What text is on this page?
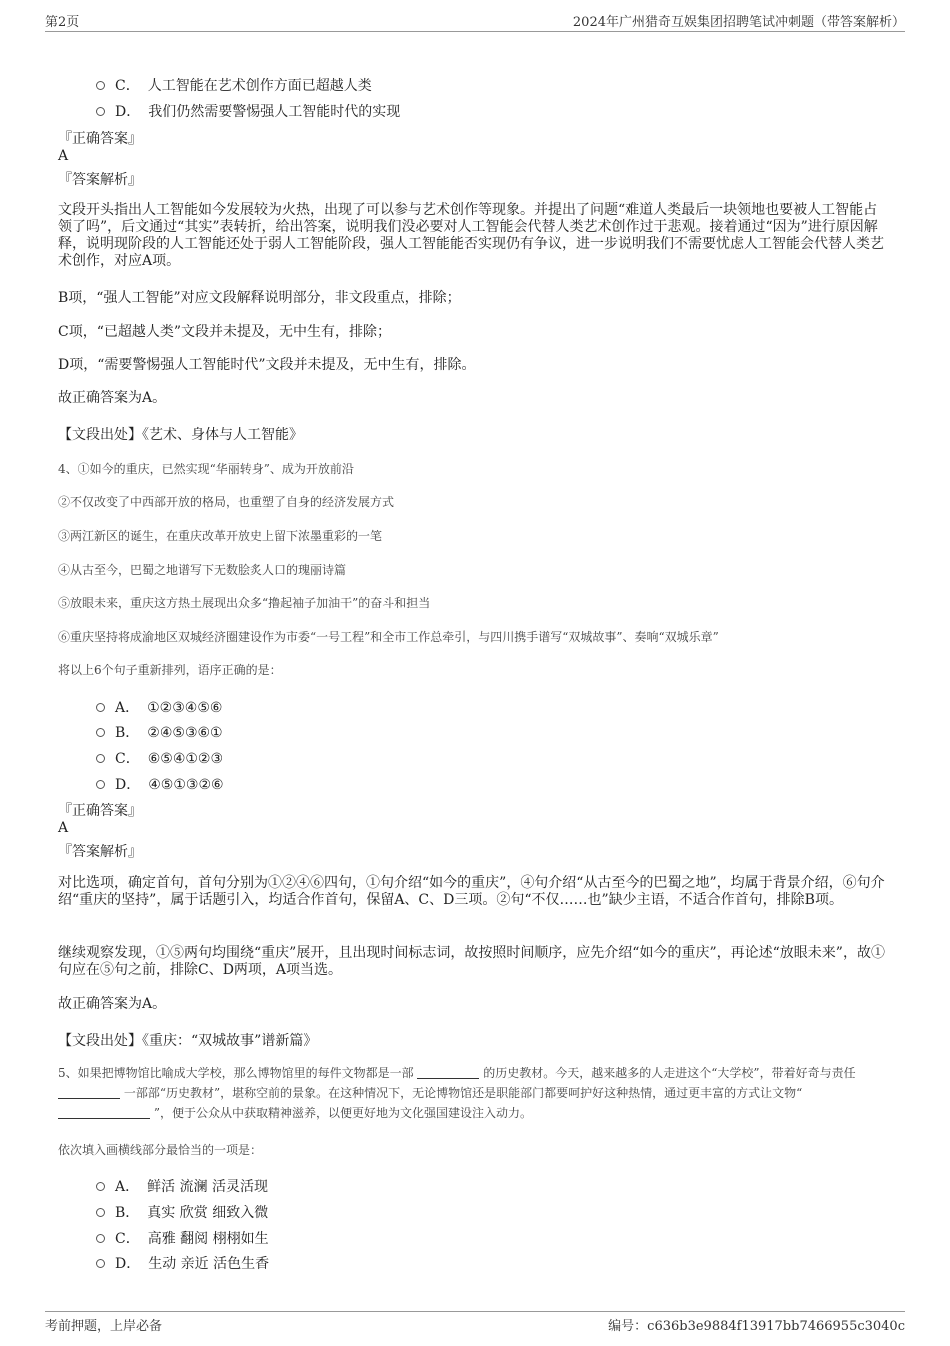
第2页	2024年广州猎奇互娱集团招聘笔试冲刺题（带答案解析）
C． 人工智能在艺术创作方面已超越人类
D． 我们仍然需要警惕强人工智能时代的实现
『正确答案』
A
『答案解析』

文段开头指出人工智能如今发展较为火热，出现了可以参与艺术创作等现象。并提出了问题“难道人类最后一块领地也要被人工智能占领了吗”，后文通过“其实”表转折，给出答案，说明我们没必要对人工智能会代替人类艺术创作过于悲观。接着通过“因为”进行原因解释，说明现阶段的人工智能还处于弱人工智能阶段，强人工智能能否实现仍有争议，进一步说明我们不需要忧虑人工智能会代替人类艺术创作，对应A项。

B项，“强人工智能”对应文段解释说明部分，非文段重点，排除；

C项，“已超越人类”文段并未提及，无中生有，排除；

D项，“需要警惕强人工智能时代”文段并未提及，无中生有，排除。

故正确答案为A。

【文段出处】《艺术、身体与人工智能》
4、①如今的重庆，已然实现“华丽转身”、成为开放前沿
②不仅改变了中西部开放的格局，也重塑了自身的经济发展方式
③两江新区的诞生，在重庆改革开放史上留下浓墨重彩的一笔
④从古至今，巴蜀之地谱写下无数脍炙人口的瑰丽诗篇
⑤放眼未来，重庆这方热土展现出众多“撸起袖子加油干”的奋斗和担当
⑥重庆坚持将成渝地区双城经济圈建设作为市委“一号工程”和全市工作总牵引，与四川携手谱写“双城故事”、奏响“双城乐章”
将以上6个句子重新排列，语序正确的是：
A． ①②③④⑤⑥
B． ②④⑤③⑥①
C． ⑥⑤④①②③
D． ④⑤①③②⑥
『正确答案』
A
『答案解析』

对比选项，确定首句，首句分别为①②④⑥四句，①句介绍“如今的重庆”，④句介绍“从古至今的巴蜀之地”，均属于背景介绍，⑥句介绍“重庆的坚持”，属于话题引入，均适合作首句，保留A、C、D三项。②句“不仅……也”缺少主语，不适合作首句，排除B项。

继续观察发现，①⑤两句均围绕“重庆”展开，且出现时间标志词，故按照时间顺序，应先介绍“如今的重庆”，再论述“放眼未来”，故①句应在⑤句之前，排除C、D两项，A项当选。

故正确答案为A。

【文段出处】《重庆：“双城故事”谱新篇》

5、如果把博物馆比喻成大学校，那么博物馆里的每件文物都是一部	的历史教材。今天，越来越多的人走进这个“大学校”，带着好奇与责任  一部部“历史教材”，堪称空前的景象。在这种情况下，无论博物馆还是职能部门都要呵护好这种热情，通过更丰富的方式让文物“  ”，便于公众从中获取精神滋养，以便更好地为文化强国建设注入动力。

依次填入画横线部分最恰当的一项是：
A． 鲜活 流澜 活灵活现
B． 真实 欣赏 细致入微
C． 高雅 翻阅 栩栩如生
D． 生动 亲近 活色生香
考前押题，上岸必备	编号：c636b3e9884f13917bb7466955c3040c
